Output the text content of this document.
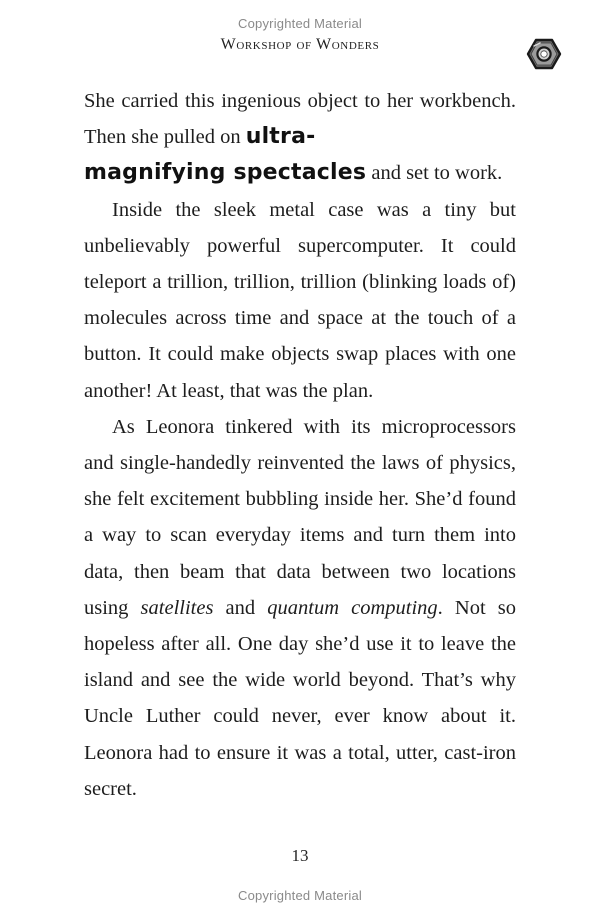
Copyrighted Material
Workshop of Wonders

She carried this ingenious object to her workbench. Then she pulled on ultra-
magnifying spectacles and set to work.

Inside the sleek metal case was a tiny but unbelievably powerful supercomputer. It could teleport a trillion, trillion, trillion (blinking loads of) molecules across time and space at the touch of a button. It could make objects swap places with one another! At least, that was the plan.

As Leonora tinkered with its microprocessors and single-handedly reinvented the laws of physics, she felt excitement bubbling inside her. She’d found a way to scan everyday items and turn them into data, then beam that data between two locations using satellites and quantum computing. Not so hopeless after all. One day she’d use it to leave the island and see the wide world beyond. That’s why Uncle Luther could never, ever know about it. Leonora had to ensure it was a total, utter, cast-iron secret.

13
Copyrighted Material
